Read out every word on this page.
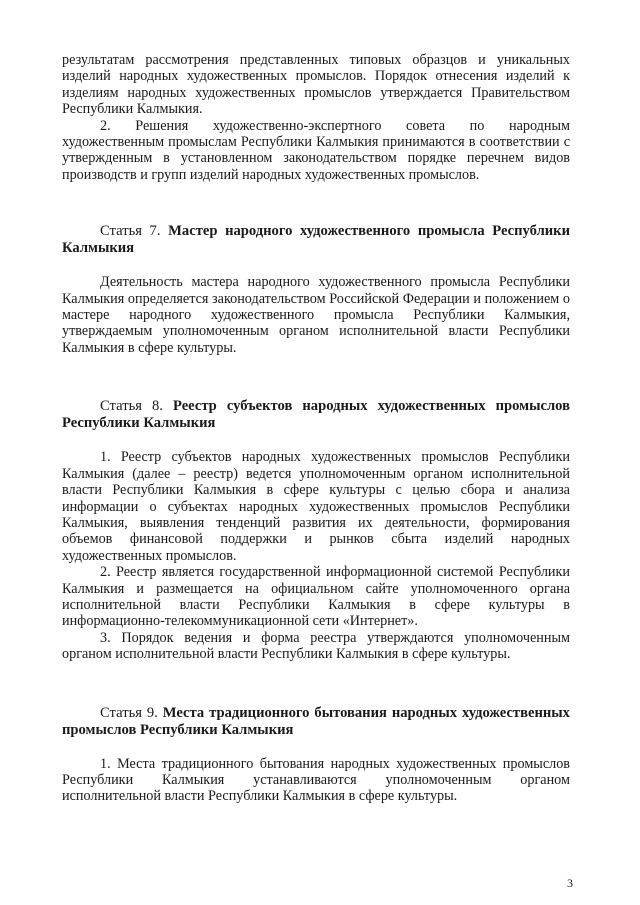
результатам рассмотрения представленных типовых образцов и уникальных изделий народных художественных промыслов. Порядок отнесения изделий к изделиям народных художественных промыслов утверждается Правительством Республики Калмыкия.

2. Решения художественно-экспертного совета по народным художественным промыслам Республики Калмыкия принимаются в соответствии с утвержденным в установленном законодательством порядке перечнем видов производств и групп изделий народных художественных промыслов.

Статья 7. Мастер народного художественного промысла Республики Калмыкия

Деятельность мастера народного художественного промысла Республики Калмыкия определяется законодательством Российской Федерации и положением о мастере народного художественного промысла Республики Калмыкия, утверждаемым уполномоченным органом исполнительной власти Республики Калмыкия в сфере культуры.

Статья 8. Реестр субъектов народных художественных промыслов Республики Калмыкия

1. Реестр субъектов народных художественных промыслов Республики Калмыкия (далее – реестр) ведется уполномоченным органом исполнительной власти Республики Калмыкия в сфере культуры с целью сбора и анализа информации о субъектах народных художественных промыслов Республики Калмыкия, выявления тенденций развития их деятельности, формирования объемов финансовой поддержки и рынков сбыта изделий народных художественных промыслов.

2. Реестр является государственной информационной системой Республики Калмыкия и размещается на официальном сайте уполномоченного органа исполнительной власти Республики Калмыкия в сфере культуры в информационно-телекоммуникационной сети «Интернет».

3. Порядок ведения и форма реестра утверждаются уполномоченным органом исполнительной власти Республики Калмыкия в сфере культуры.

Статья 9. Места традиционного бытования народных художественных промыслов Республики Калмыкия

1. Места традиционного бытования народных художественных промыслов Республики Калмыкия устанавливаются уполномоченным органом исполнительной власти Республики Калмыкия в сфере культуры.

3
